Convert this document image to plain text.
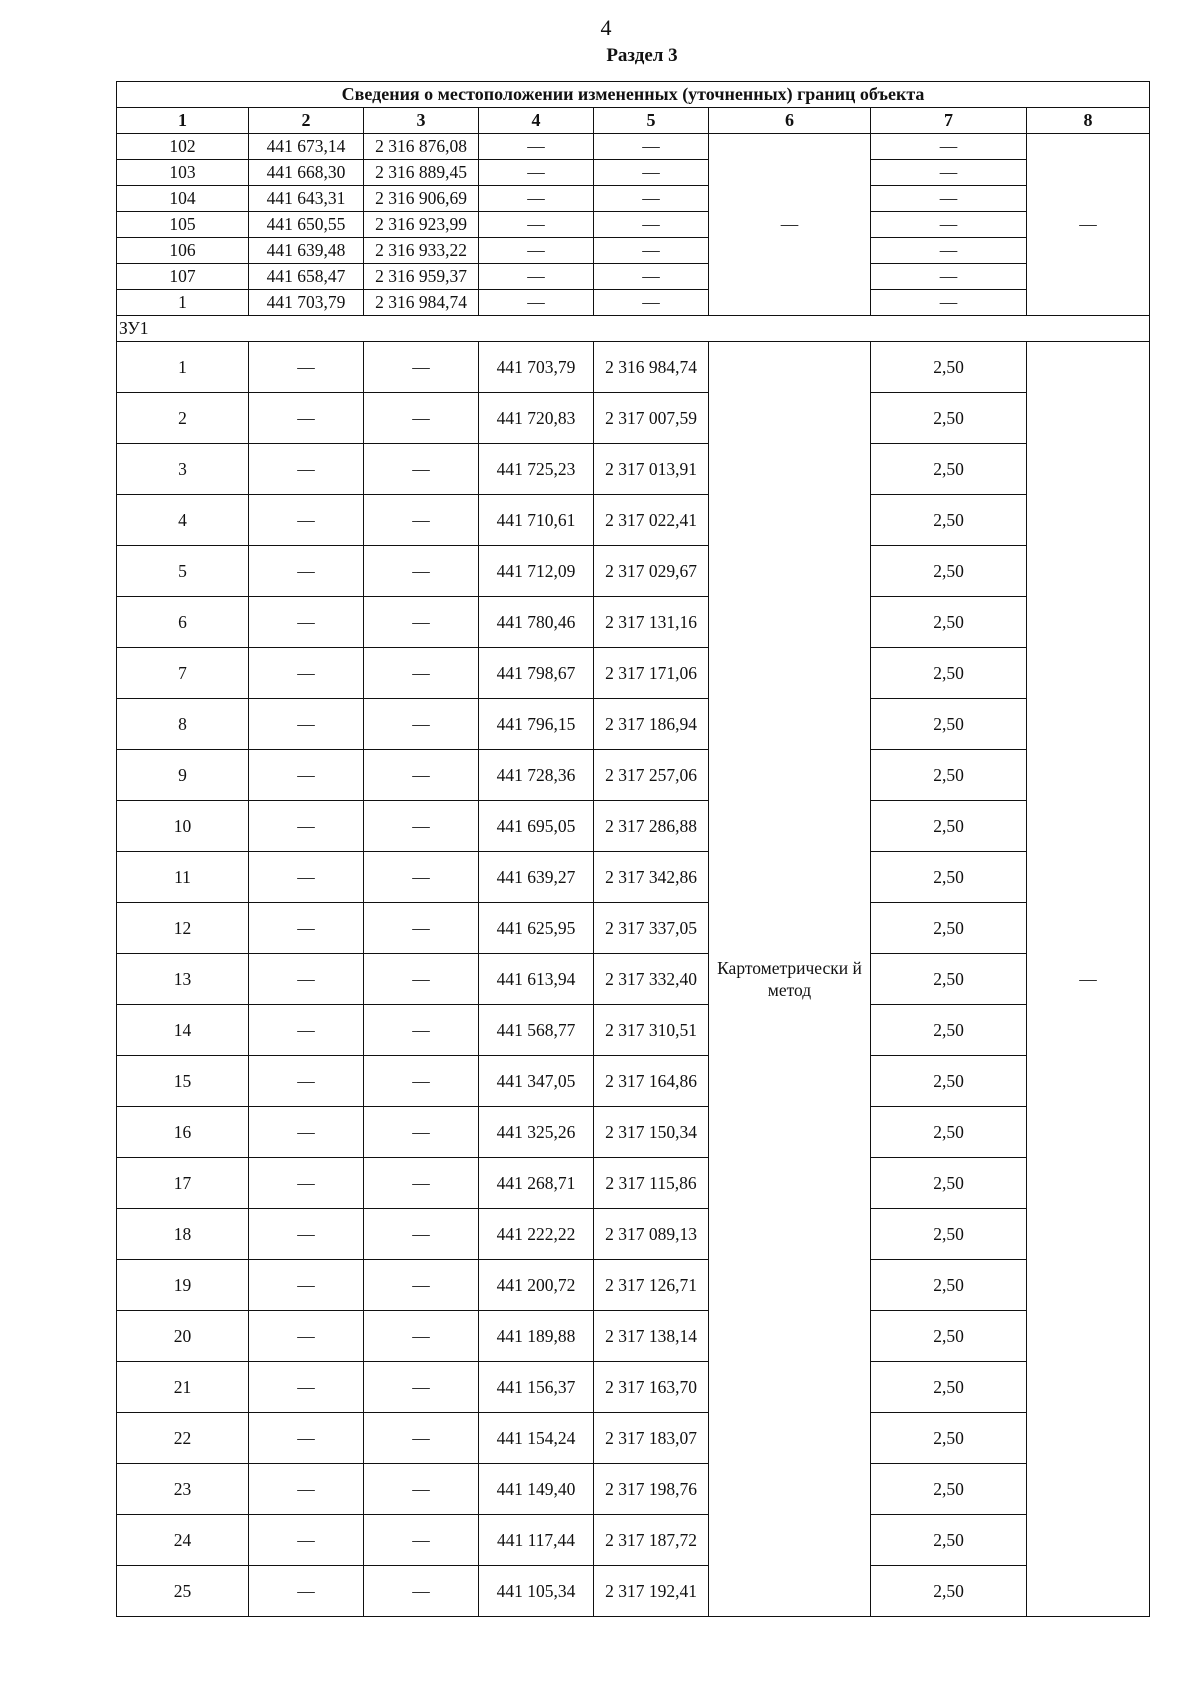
4
Раздел 3
Сведения о местоположении измененных (уточненных) границ объекта							
1	2	3	4	5	6	7	8
102	441 673,14	2 316 876,08	—	—	—	—	—
103	441 668,30	2 316 889,45	—	—		—	
104	441 643,31	2 316 906,69	—	—		—	
105	441 650,55	2 316 923,99	—	—		—	
106	441 639,48	2 316 933,22	—	—		—	
107	441 658,47	2 316 959,37	—	—		—	
1	441 703,79	2 316 984,74	—	—		—	
ЗУ1							
1	—	—	441 703,79	2 316 984,74	Картометрически й метод	2,50	—
2	—	—	441 720,83	2 317 007,59		2,50	
3	—	—	441 725,23	2 317 013,91		2,50	
4	—	—	441 710,61	2 317 022,41		2,50	
5	—	—	441 712,09	2 317 029,67		2,50	
6	—	—	441 780,46	2 317 131,16		2,50	
7	—	—	441 798,67	2 317 171,06		2,50	
8	—	—	441 796,15	2 317 186,94		2,50	
9	—	—	441 728,36	2 317 257,06		2,50	
10	—	—	441 695,05	2 317 286,88		2,50	
11	—	—	441 639,27	2 317 342,86		2,50	
12	—	—	441 625,95	2 317 337,05		2,50	
13	—	—	441 613,94	2 317 332,40		2,50	
14	—	—	441 568,77	2 317 310,51		2,50	
15	—	—	441 347,05	2 317 164,86		2,50	
16	—	—	441 325,26	2 317 150,34		2,50	
17	—	—	441 268,71	2 317 115,86		2,50	
18	—	—	441 222,22	2 317 089,13		2,50	
19	—	—	441 200,72	2 317 126,71		2,50	
20	—	—	441 189,88	2 317 138,14		2,50	
21	—	—	441 156,37	2 317 163,70		2,50	
22	—	—	441 154,24	2 317 183,07		2,50	
23	—	—	441 149,40	2 317 198,76		2,50	
24	—	—	441 117,44	2 317 187,72		2,50	
25	—	—	441 105,34	2 317 192,41		2,50	
